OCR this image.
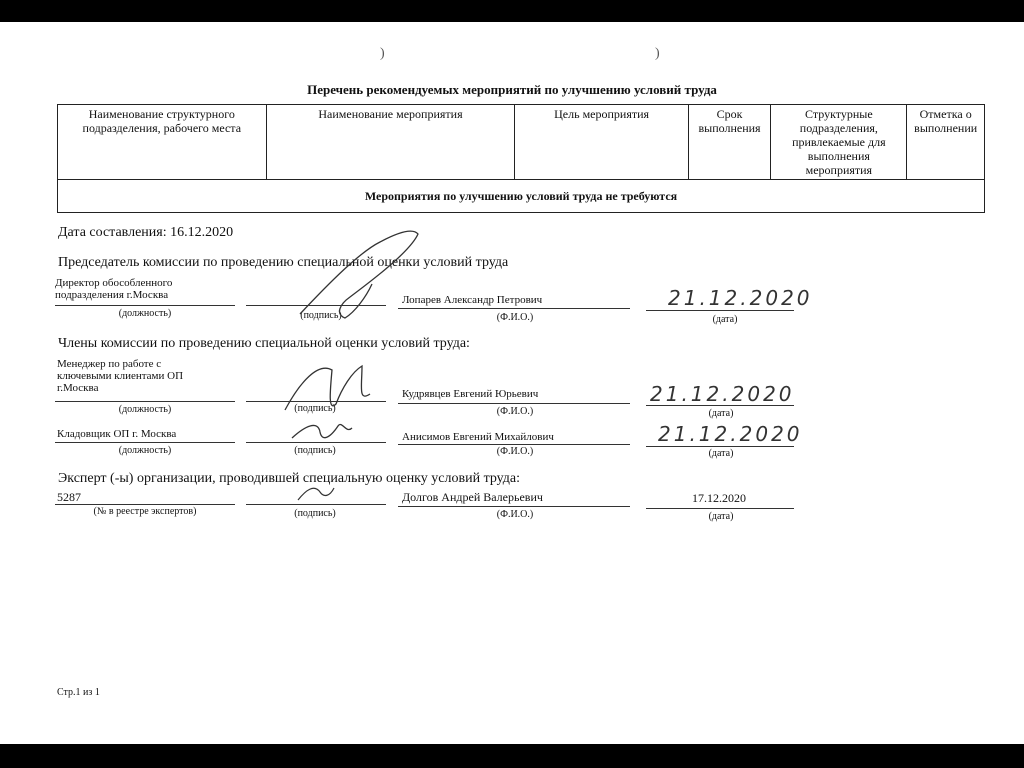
)	)
Перечень рекомендуемых мероприятий по улучшению условий труда
Наименование структурного подразделения, рабочего места	Наименование мероприятия	Цель мероприятия	Срок выполнения	Структурные подразделения, привлекаемые для выполнения мероприятия	Отметка о выполнении
Мероприятия по улучшению условий труда не требуются
Дата составления: 16.12.2020
Председатель комиссии по проведению специальной оценки условий труда
Директор обособленного подразделения г.Москва	Лопарев Александр Петрович	21.12.2020
(должность)	(подпись)	(Ф.И.О.)	(дата)
Члены комиссии по проведению специальной оценки условий труда:
Менеджер по работе с ключевыми клиентами ОП г.Москва	Кудрявцев Евгений Юрьевич	21.12.2020
(должность)	(подпись)	(Ф.И.О.)	(дата)
Кладовщик ОП г. Москва	Анисимов Евгений Михайлович	21.12.2020
(должность)	(подпись)	(Ф.И.О.)	(дата)
Эксперт (-ы) организации, проводившей специальную оценку условий труда:
5287	Долгов Андрей Валерьевич	17.12.2020
(№ в реестре экспертов)	(подпись)	(Ф.И.О.)	(дата)
Стр.1 из 1
